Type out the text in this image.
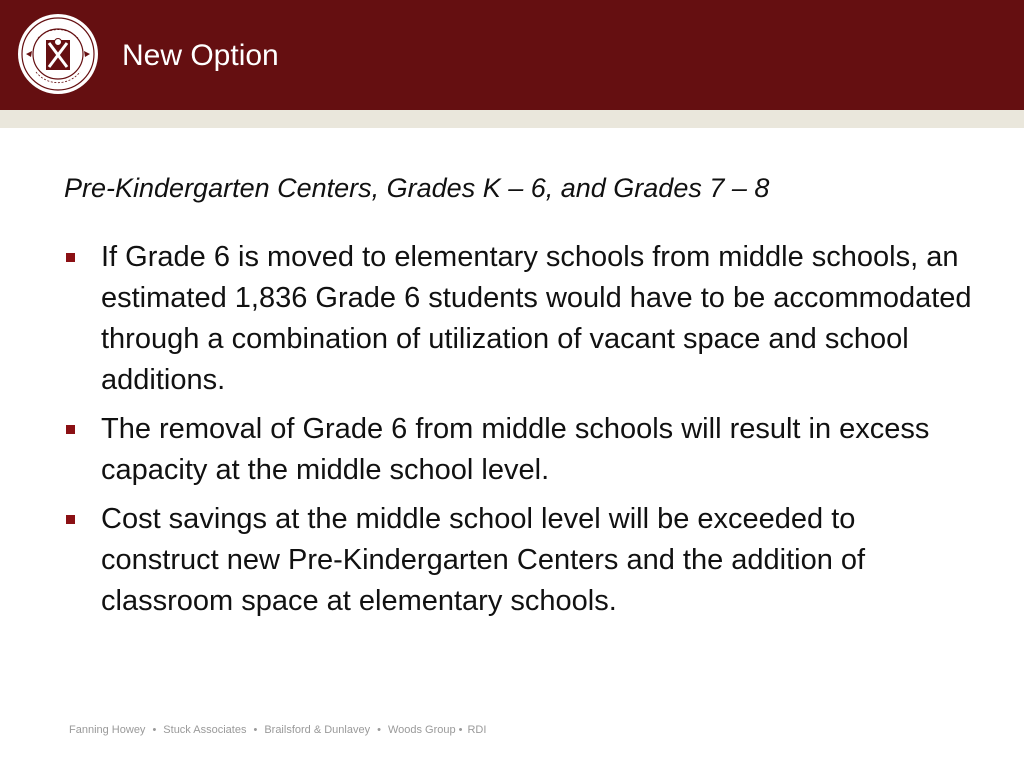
New Option
Pre-Kindergarten Centers, Grades K – 6, and Grades 7 – 8
If Grade 6 is moved to elementary schools from middle schools, an estimated 1,836 Grade 6 students would have to be accommodated through a combination of utilization of vacant space and school additions.
The removal of Grade 6 from middle schools will result in excess capacity at the middle school level.
Cost savings at the middle school level will be exceeded to construct new Pre-Kindergarten Centers and the addition of classroom space at elementary schools.
Fanning Howey • Stuck Associates • Brailsford & Dunlavey • Woods Group • RDI
